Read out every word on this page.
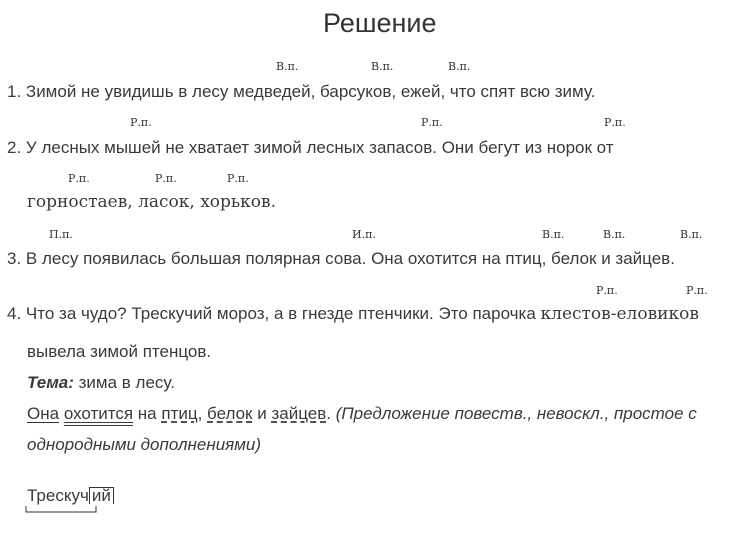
Решение
В.п.	В.п.	В.п.
Р.п.	Р.п.	Р.п.
Р.п.	Р.п.	Р.п.
П.п.	И.п.	В.п.	В.п.	В.п.
Р.п.	Р.п.
1. Зимой не увидишь в лесу медведей, барсуков, ежей, что спят всю зиму.
2. У лесных мышей не хватает зимой лесных запасов. Они бегут из норок от
горностаев, ласок, хорьков.
3. В лесу появилась большая полярная сова. Она охотится на птиц, белок и зайцев.
4. Что за чудо? Трескучий мороз, а в гнезде птенчики. Это парочка клестов-еловиков
вывела зимой птенцов.
Тема: зима в лесу.
Она охотится на птиц, белок и зайцев. (Предложение повеств., невоскл., простое с
однородными дополнениями)
Трескуч ий
